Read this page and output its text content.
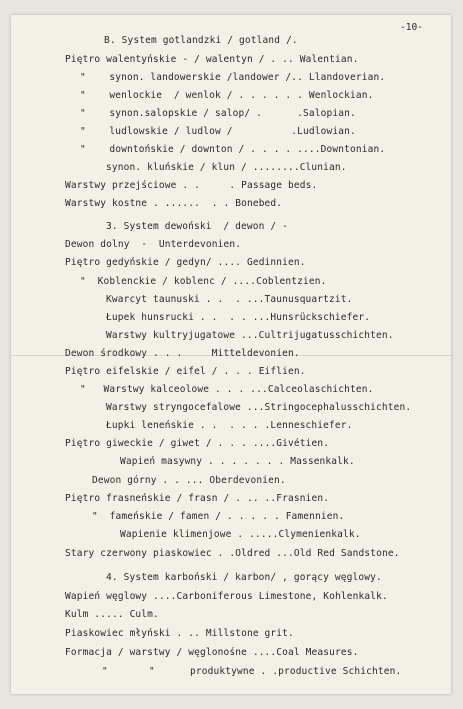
-10-
B. System gotlandzki / gotland /.
Piętro walentyńskie - / walentyn / . .. Walentian.
"    synon. landowerskie /landower /.. Llandoverian.
"    wenlockie  / wenlok / . . . . . . Wenlockian.
"    synon.salopskie / salop/ .      .Salopian.
"    ludlowskie / ludlow /          .Ludlowian.
"    downtońskie / downton / . . . . ....Downtonian.
synon. kluńskie / klun / ........Clunian.
Warstwy przejściowe . .     . Passage beds.
Warstwy kostne . ......  . . Bonebed.
3. System dewoński  / dewon / -
Dewon dolny  -  Unterdevonien.
Piętro gedyńskie / gedyn/ .... Gedinnien.
"  Koblenckie / koblenc / ....Coblentzien.
Kwarcyt taunuski . .  . ...Taunusquartzit.
Łupek hunsrucki . .  . . ...Hunsrückschiefer.
Warstwy kultryjugatowe ...Cultrijugatusschichten.
Dewon środkowy . . .     Mitteldevonien.
Piętro eifelskie / eifel / . . . Eiflien.
"   Warstwy kalceolowe . . . ...Calceolaschichten.
Warstwy stryngocefalowe ...Stringocephalusschichten.
Łupki leneńskie . .  . . . .Lenneschiefer.
Piętro giweckie / giwet / . . . ....Givétien.
Wapień masywny . . . . . . . Massenkalk.
Dewon górny . . ... Oberdevonien.
Piętro frasneńskie / frasn / . .. ..Frasnien.
"  fameńskie / famen / . . . . . Famennien.
Wapienie klimenjowe . .....Clymenienkalk.
Stary czerwony piaskowiec . .Oldred ...Old Red Sandstone.
4. System karboński / karbon/ , gorący węglowy.
Wapień węglowy ....Carboniferous Limestone, Kohlenkalk.
Kulm ..... Culm.
Piaskowiec młyński . .. Millstone grit.
Formacja / warstwy / węglonośne ....Coal Measures.
"       "      produktywne . .productive Schichten.
